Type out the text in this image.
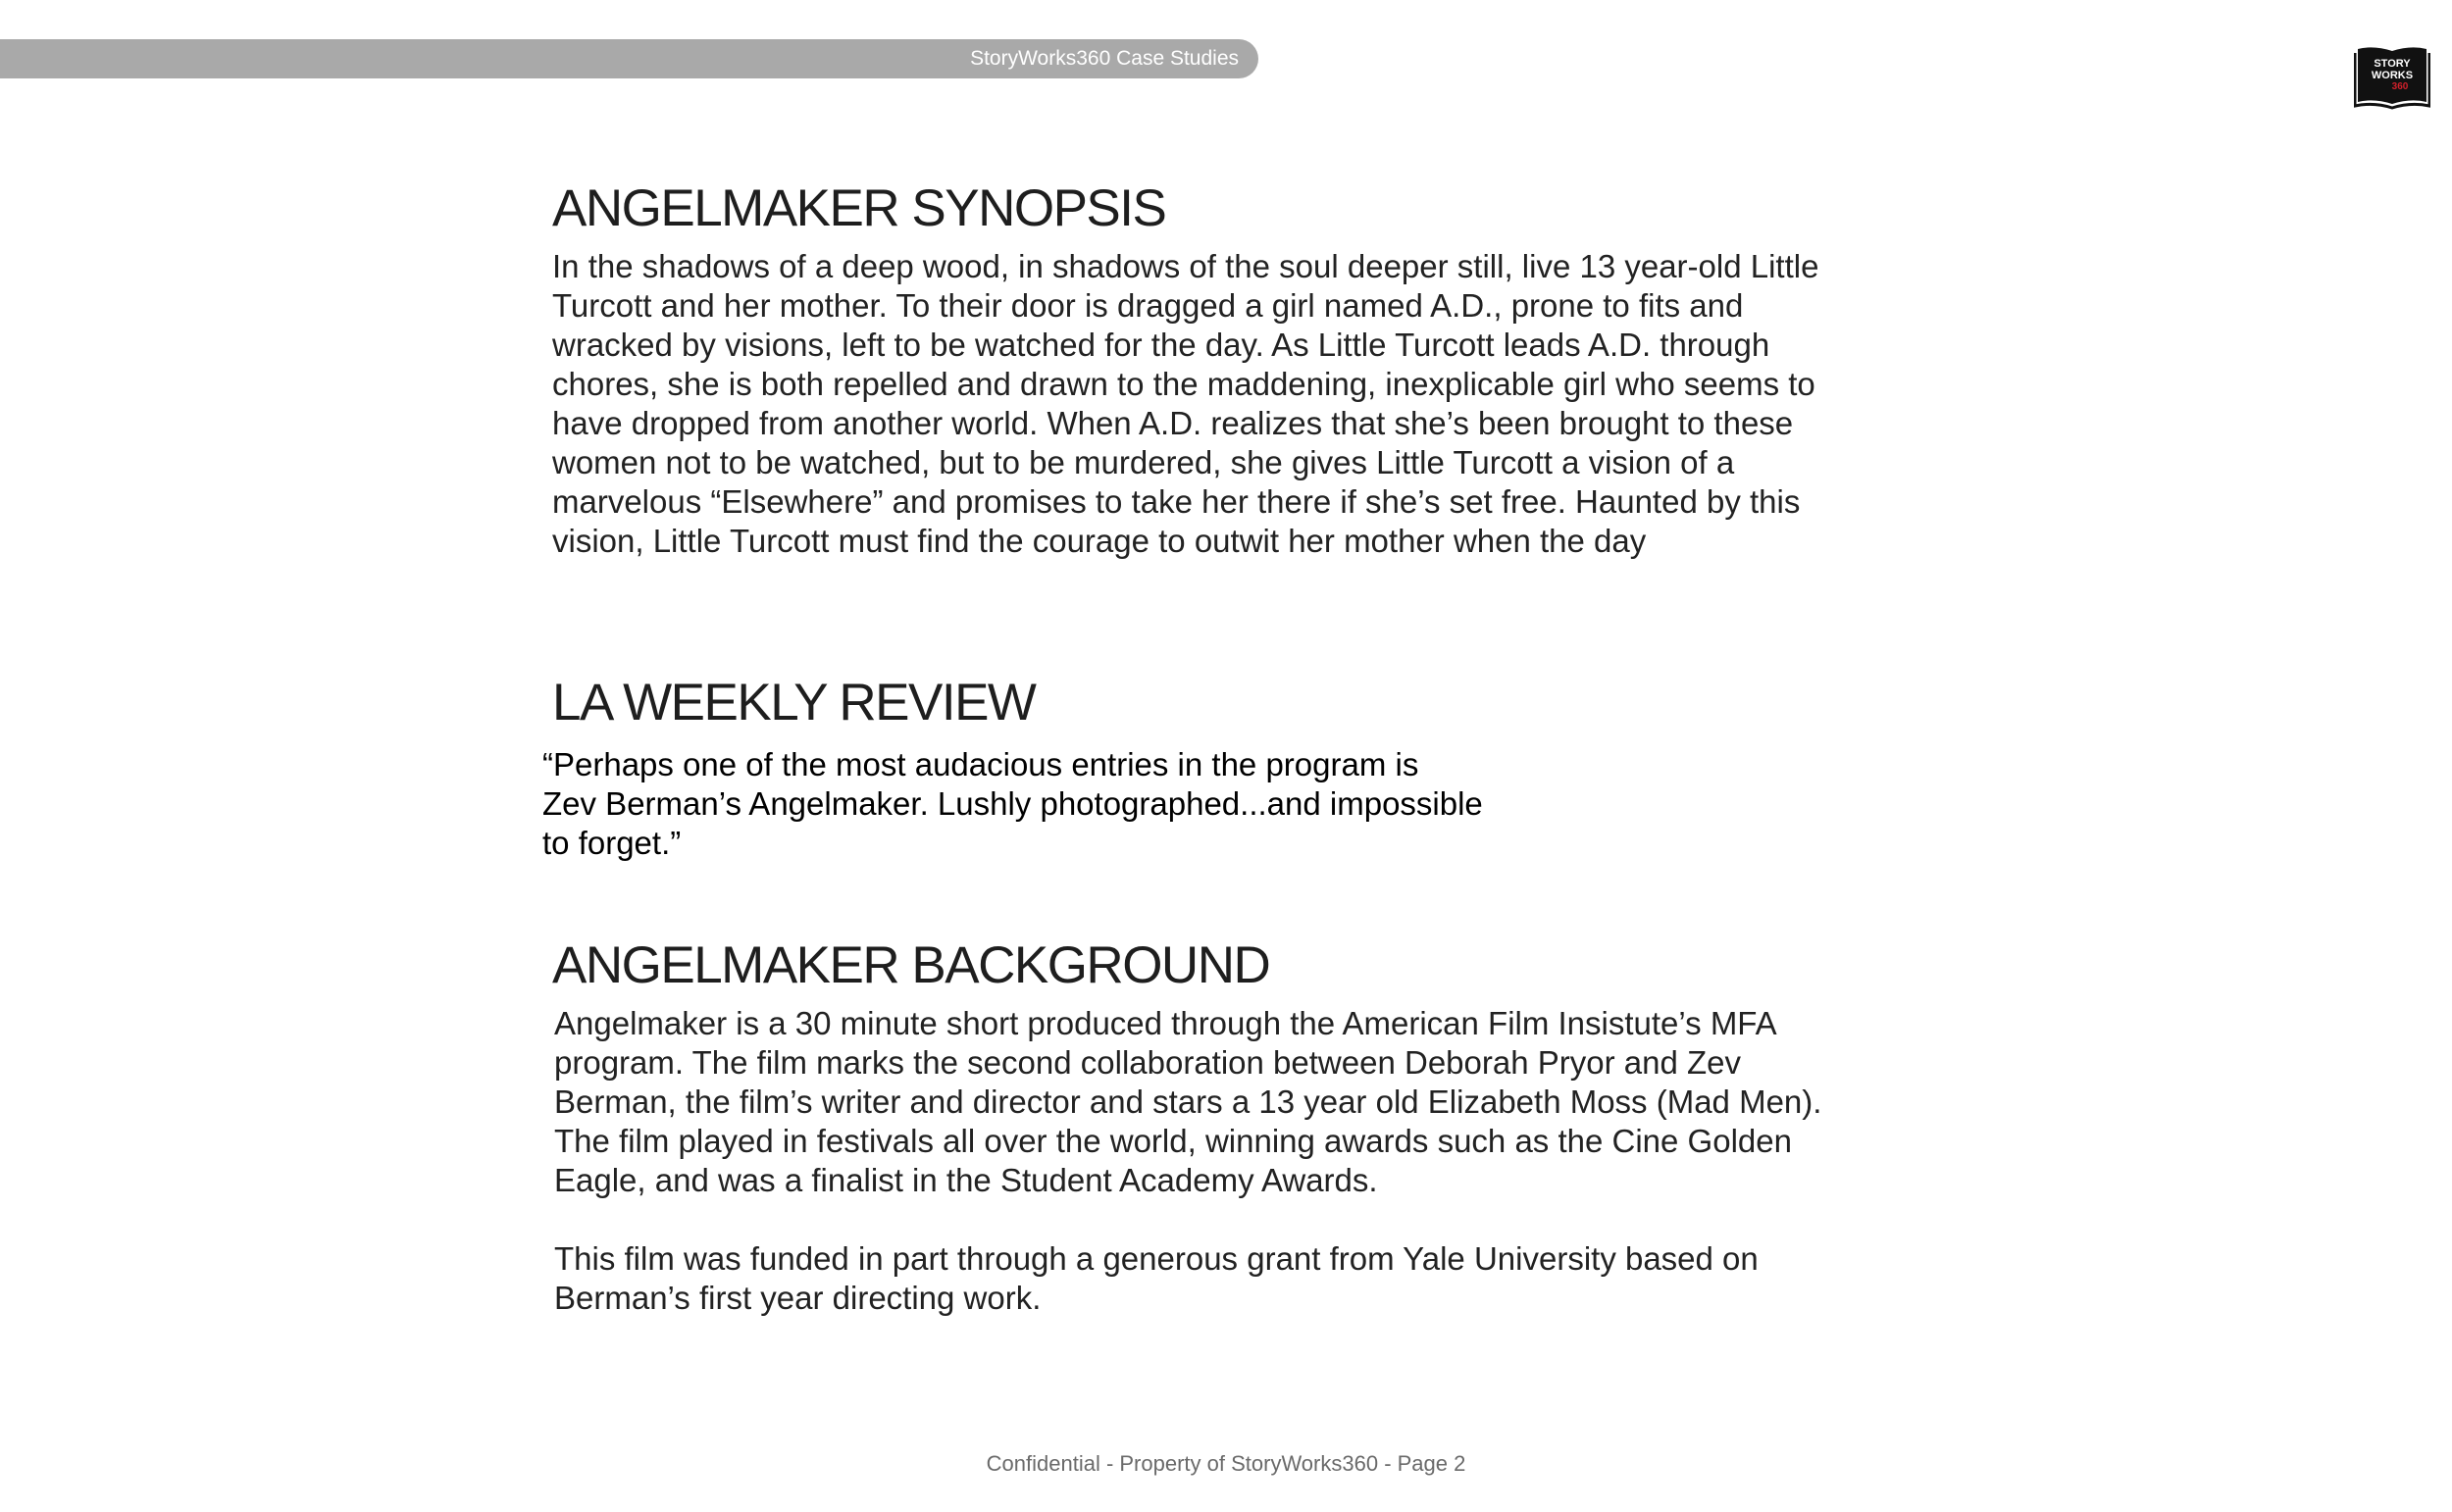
StoryWorks360 Case Studies	STORY
WORKS
360
ANGELMAKER SYNOPSIS

In the shadows of a deep wood, in shadows of the soul deeper still, live 13 year-old Little
Turcott and her mother. To their door is dragged a girl named A.D., prone to fits and
wracked by visions, left to be watched for the day. As Little Turcott leads A.D. through
chores, she is both repelled and drawn to the maddening, inexplicable girl who seems to
have dropped from another world. When A.D. realizes that she’s been brought to these
women not to be watched, but to be murdered, she gives Little Turcott a vision of a
marvelous “Elsewhere” and promises to take her there if she’s set free. Haunted by this
vision, Little Turcott must find the courage to outwit her mother when the day

LA WEEKLY REVIEW

“Perhaps one of the most audacious entries in the program is
Zev Berman’s Angelmaker. Lushly photographed...and impossible
to forget.”

ANGELMAKER BACKGROUND

Angelmaker is a 30 minute short produced through the American Film Insistute’s MFA
program. The film marks the second collaboration between Deborah Pryor and Zev
Berman, the film’s writer and director and stars a 13 year old Elizabeth Moss (Mad Men).
The film played in festivals all over the world, winning awards such as the Cine Golden
Eagle, and was a finalist in the Student Academy Awards.

This film was funded in part through a generous grant from Yale University based on
Berman’s first year directing work.

Confidential - Property of StoryWorks360 - Page 2
